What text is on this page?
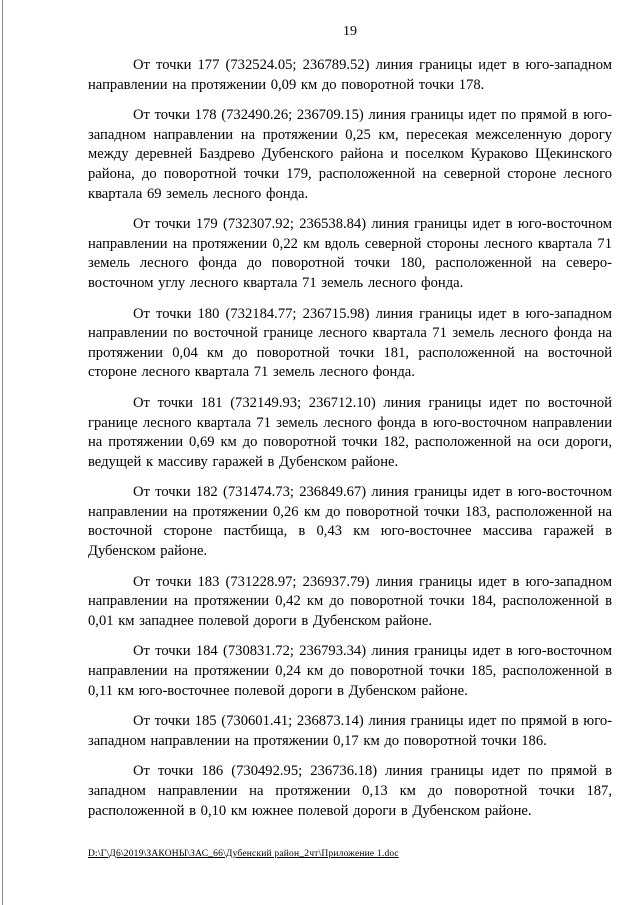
19

От точки 177 (732524.05; 236789.52) линия границы идет в юго-западном направлении на протяжении 0,09 км до поворотной точки 178.

От точки 178 (732490.26; 236709.15) линия границы идет по прямой в юго-западном направлении на протяжении 0,25 км, пересекая межселенную дорогу между деревней Баздрево Дубенского района и поселком Кураково Щекинского района, до поворотной точки 179, расположенной на северной стороне лесного квартала 69 земель лесного фонда.

От точки 179 (732307.92; 236538.84) линия границы идет в юго-восточном направлении на протяжении 0,22 км вдоль северной стороны лесного квартала 71 земель лесного фонда до поворотной точки 180, расположенной на северо-восточном углу лесного квартала 71 земель лесного фонда.

От точки 180 (732184.77; 236715.98) линия границы идет в юго-западном направлении по восточной границе лесного квартала 71 земель лесного фонда на протяжении 0,04 км до поворотной точки 181, расположенной на восточной стороне лесного квартала 71 земель лесного фонда.

От точки 181 (732149.93; 236712.10) линия границы идет по восточной границе лесного квартала 71 земель лесного фонда в юго-восточном направлении на протяжении 0,69 км до поворотной точки 182, расположенной на оси дороги, ведущей к массиву гаражей в Дубенском районе.

От точки 182 (731474.73; 236849.67) линия границы идет в юго-восточном направлении на протяжении 0,26 км до поворотной точки 183, расположенной на восточной стороне пастбища, в 0,43 км юго-восточнее массива гаражей в Дубенском районе.

От точки 183 (731228.97; 236937.79) линия границы идет в юго-западном направлении на протяжении 0,42 км до поворотной точки 184, расположенной в 0,01 км западнее полевой дороги в Дубенском районе.

От точки 184 (730831.72; 236793.34) линия границы идет в юго-восточном направлении на протяжении 0,24 км до поворотной точки 185, расположенной в 0,11 км юго-восточнее полевой дороги в Дубенском районе.

От точки 185 (730601.41; 236873.14) линия границы идет по прямой в юго-западном направлении на протяжении 0,17 км до поворотной точки 186.

От точки 186 (730492.95; 236736.18) линия границы идет по прямой в западном направлении на протяжении 0,13 км до поворотной точки 187, расположенной в 0,10 км южнее полевой дороги в Дубенском районе.

D:\Г\Д6\2019\ЗАКОНЫ\ЗАС_66\Дубенский район_2чт\Приложение 1.doc
